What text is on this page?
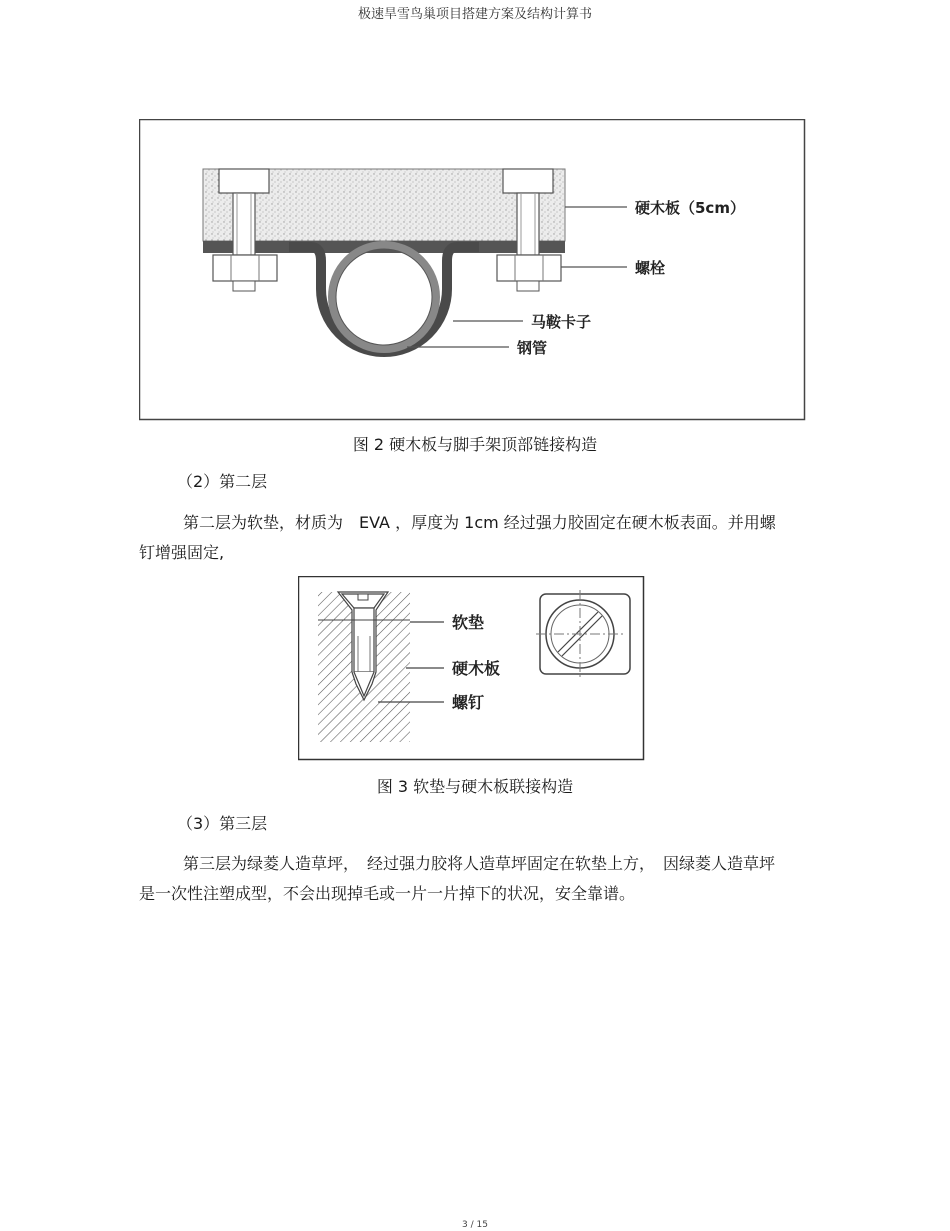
极速旱雪鸟巢项目搭建方案及结构计算书
硬木板（5cm）
螺栓
马鞍卡子
钢管
图 2 硬木板与脚手架顶部链接构造
（2）第二层
第二层为软垫，材质为　EVA ，厚度为 1cm 经过强力胶固定在硬木板表面。并用螺钉增强固定,
软垫
硬木板
螺钉
图 3 软垫与硬木板联接构造
（3）第三层
第三层为绿菱人造草坪，　经过强力胶将人造草坪固定在软垫上方，　因绿菱人造草坪是一次性注塑成型，不会出现掉毛或一片一片掉下的状况，安全靠谱。
3 / 15
